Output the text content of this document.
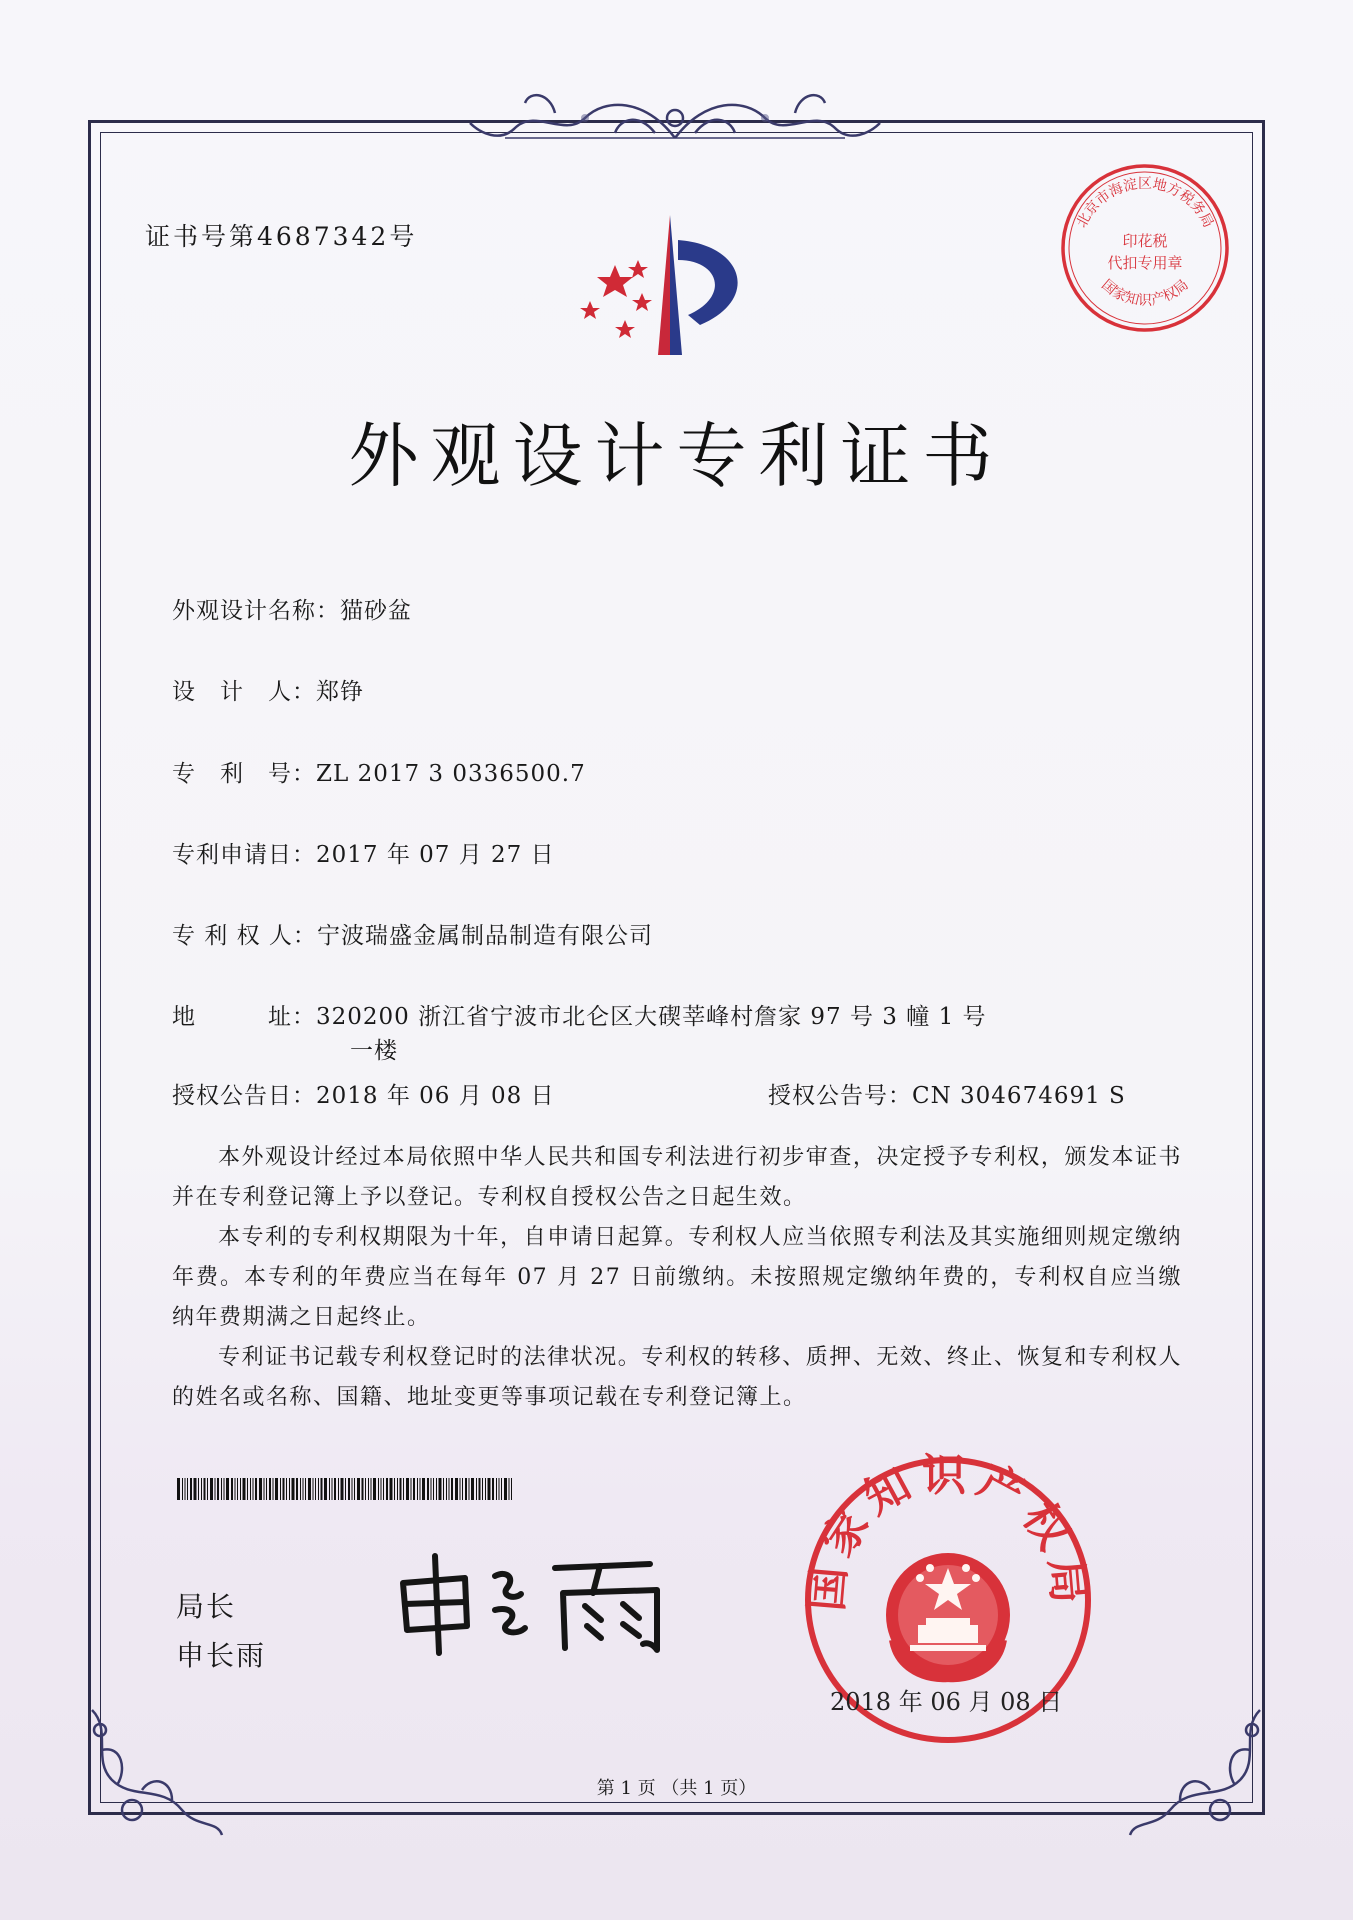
证书号第4687342号
北京市海淀区地方税务局
印花税
代扣专用章
国家知识产权局
外观设计专利证书
外观设计名称：猫砂盆
设　计　人：郑铮
专　利　号：ZL 2017 3 0336500.7
专利申请日：2017 年 07 月 27 日
专 利 权 人：宁波瑞盛金属制品制造有限公司
地　　　址：320200 浙江省宁波市北仑区大碶莘峰村詹家 97 号 3 幢 1 号
一楼
授权公告日：2018 年 06 月 08 日	授权公告号：CN 304674691 S
本外观设计经过本局依照中华人民共和国专利法进行初步审查，决定授予专利权，颁发本证书并在专利登记簿上予以登记。专利权自授权公告之日起生效。
本专利的专利权期限为十年，自申请日起算。专利权人应当依照专利法及其实施细则规定缴纳年费。本专利的年费应当在每年 07 月 27 日前缴纳。未按照规定缴纳年费的，专利权自应当缴纳年费期满之日起终止。
专利证书记载专利权登记时的法律状况。专利权的转移、质押、无效、终止、恢复和专利权人的姓名或名称、国籍、地址变更等事项记载在专利登记簿上。
局长
申长雨
国家知识产权局
2018 年 06 月 08 日
第 1 页 （共 1 页）
